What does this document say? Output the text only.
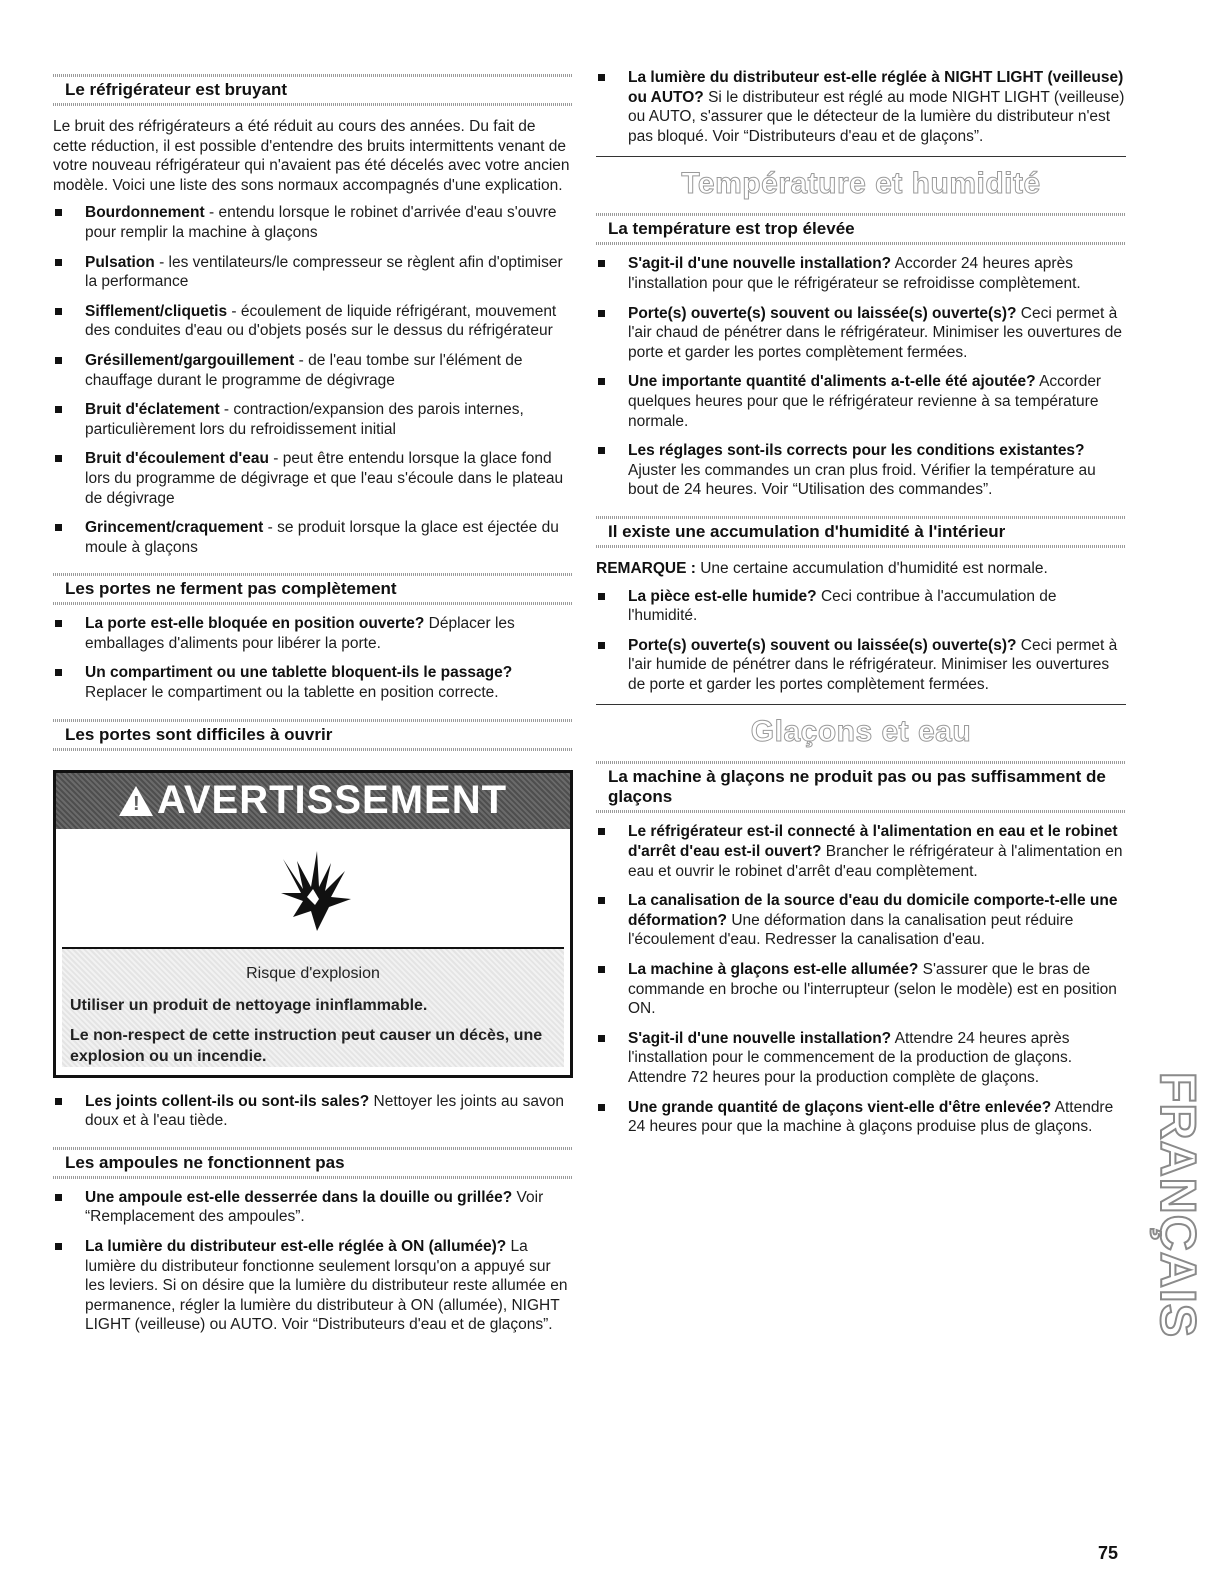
Le réfrigérateur est bruyant

Le bruit des réfrigérateurs a été réduit au cours des années. Du fait de cette réduction, il est possible d'entendre des bruits intermittents venant de votre nouveau réfrigérateur qui n'avaient pas été décelés avec votre ancien modèle. Voici une liste des sons normaux accompagnés d'une explication.

Bourdonnement - entendu lorsque le robinet d'arrivée d'eau s'ouvre pour remplir la machine à glaçons
Pulsation - les ventilateurs/le compresseur se règlent afin d'optimiser la performance
Sifflement/cliquetis - écoulement de liquide réfrigérant, mouvement des conduites d'eau ou d'objets posés sur le dessus du réfrigérateur
Grésillement/gargouillement - de l'eau tombe sur l'élément de chauffage durant le programme de dégivrage
Bruit d'éclatement - contraction/expansion des parois internes, particulièrement lors du refroidissement initial
Bruit d'écoulement d'eau - peut être entendu lorsque la glace fond lors du programme de dégivrage et que l'eau s'écoule dans le plateau de dégivrage
Grincement/craquement - se produit lorsque la glace est éjectée du moule à glaçons
Les portes ne ferment pas complètement
La porte est-elle bloquée en position ouverte? Déplacer les emballages d'aliments pour libérer la porte.
Un compartiment ou une tablette bloquent-ils le passage? Replacer le compartiment ou la tablette en position correcte.
Les portes sont difficiles à ouvrir
! AVERTISSEMENT
Risque d'explosion
Utiliser un produit de nettoyage ininflammable.
Le non-respect de cette instruction peut causer un décès, une explosion ou un incendie.
Les joints collent-ils ou sont-ils sales? Nettoyer les joints au savon doux et à l'eau tiède.
Les ampoules ne fonctionnent pas
Une ampoule est-elle desserrée dans la douille ou grillée? Voir “Remplacement des ampoules”.
La lumière du distributeur est-elle réglée à ON (allumée)? La lumière du distributeur fonctionne seulement lorsqu'on a appuyé sur les leviers. Si on désire que la lumière du distributeur reste allumée en permanence, régler la lumière du distributeur à ON (allumée), NIGHT LIGHT (veilleuse) ou AUTO. Voir “Distributeurs d'eau et de glaçons”.
La lumière du distributeur est-elle réglée à NIGHT LIGHT (veilleuse) ou AUTO? Si le distributeur est réglé au mode NIGHT LIGHT (veilleuse) ou AUTO, s'assurer que le détecteur de la lumière du distributeur n'est pas bloqué. Voir “Distributeurs d'eau et de glaçons”.
Température et humidité
La température est trop élevée
S'agit-il d'une nouvelle installation? Accorder 24 heures après l'installation pour que le réfrigérateur se refroidisse complètement.
Porte(s) ouverte(s) souvent ou laissée(s) ouverte(s)? Ceci permet à l'air chaud de pénétrer dans le réfrigérateur. Minimiser les ouvertures de porte et garder les portes complètement fermées.
Une importante quantité d'aliments a-t-elle été ajoutée? Accorder quelques heures pour que le réfrigérateur revienne à sa température normale.
Les réglages sont-ils corrects pour les conditions existantes? Ajuster les commandes un cran plus froid. Vérifier la température au bout de 24 heures. Voir “Utilisation des commandes”.
Il existe une accumulation d'humidité à l'intérieur

REMARQUE : Une certaine accumulation d'humidité est normale.

La pièce est-elle humide? Ceci contribue à l'accumulation de l'humidité.
Porte(s) ouverte(s) souvent ou laissée(s) ouverte(s)? Ceci permet à l'air humide de pénétrer dans le réfrigérateur. Minimiser les ouvertures de porte et garder les portes complètement fermées.
Glaçons et eau
La machine à glaçons ne produit pas ou pas suffisamment de glaçons
Le réfrigérateur est-il connecté à l'alimentation en eau et le robinet d'arrêt d'eau est-il ouvert? Brancher le réfrigérateur à l'alimentation en eau et ouvrir le robinet d'arrêt d'eau complètement.
La canalisation de la source d'eau du domicile comporte-t-elle une déformation? Une déformation dans la canalisation peut réduire l'écoulement d'eau. Redresser la canalisation d'eau.
La machine à glaçons est-elle allumée? S'assurer que le bras de commande en broche ou l'interrupteur (selon le modèle) est en position ON.
S'agit-il d'une nouvelle installation? Attendre 24 heures après l'installation pour le commencement de la production de glaçons. Attendre 72 heures pour la production complète de glaçons.
Une grande quantité de glaçons vient-elle d'être enlevée? Attendre 24 heures pour que la machine à glaçons produise plus de glaçons.	FRANÇAIS
75
